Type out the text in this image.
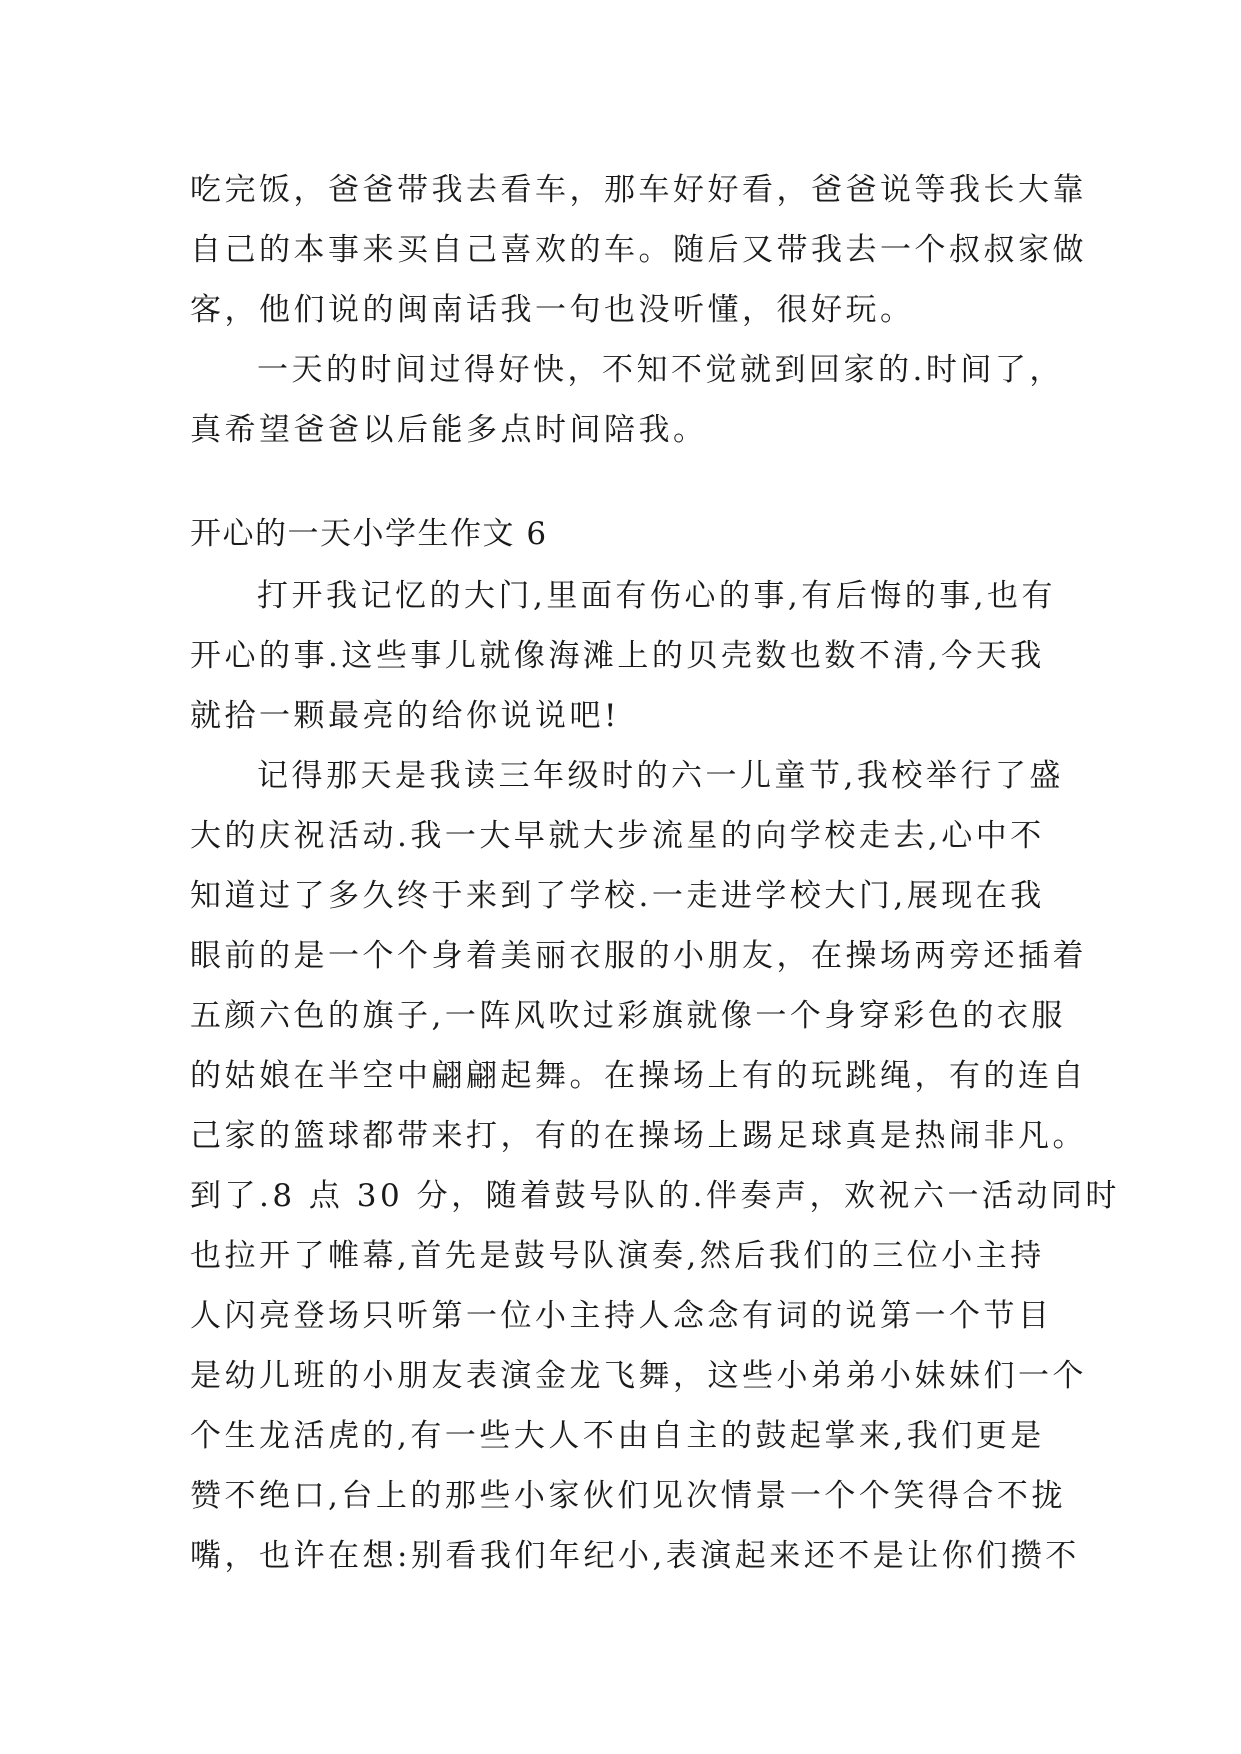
吃完饭，爸爸带我去看车，那车好好看，爸爸说等我长大靠
自己的本事来买自己喜欢的车。随后又带我去一个叔叔家做
客，他们说的闽南话我一句也没听懂，很好玩。
一天的时间过得好快，不知不觉就到回家的.时间了，
真希望爸爸以后能多点时间陪我。
开心的一天小学生作文 6
打开我记忆的大门,里面有伤心的事,有后悔的事,也有
开心的事.这些事儿就像海滩上的贝壳数也数不清,今天我
就拾一颗最亮的给你说说吧!
记得那天是我读三年级时的六一儿童节,我校举行了盛
大的庆祝活动.我一大早就大步流星的向学校走去,心中不
知道过了多久终于来到了学校.一走进学校大门,展现在我
眼前的是一个个身着美丽衣服的小朋友，在操场两旁还插着
五颜六色的旗子,一阵风吹过彩旗就像一个身穿彩色的衣服
的姑娘在半空中翩翩起舞。在操场上有的玩跳绳，有的连自
己家的篮球都带来打，有的在操场上踢足球真是热闹非凡。
到了.8 点 30 分，随着鼓号队的.伴奏声，欢祝六一活动同时
也拉开了帷幕,首先是鼓号队演奏,然后我们的三位小主持
人闪亮登场只听第一位小主持人念念有词的说第一个节目
是幼儿班的小朋友表演金龙飞舞，这些小弟弟小妹妹们一个
个生龙活虎的,有一些大人不由自主的鼓起掌来,我们更是
赞不绝口,台上的那些小家伙们见次情景一个个笑得合不拢
嘴，也许在想:别看我们年纪小,表演起来还不是让你们攒不
